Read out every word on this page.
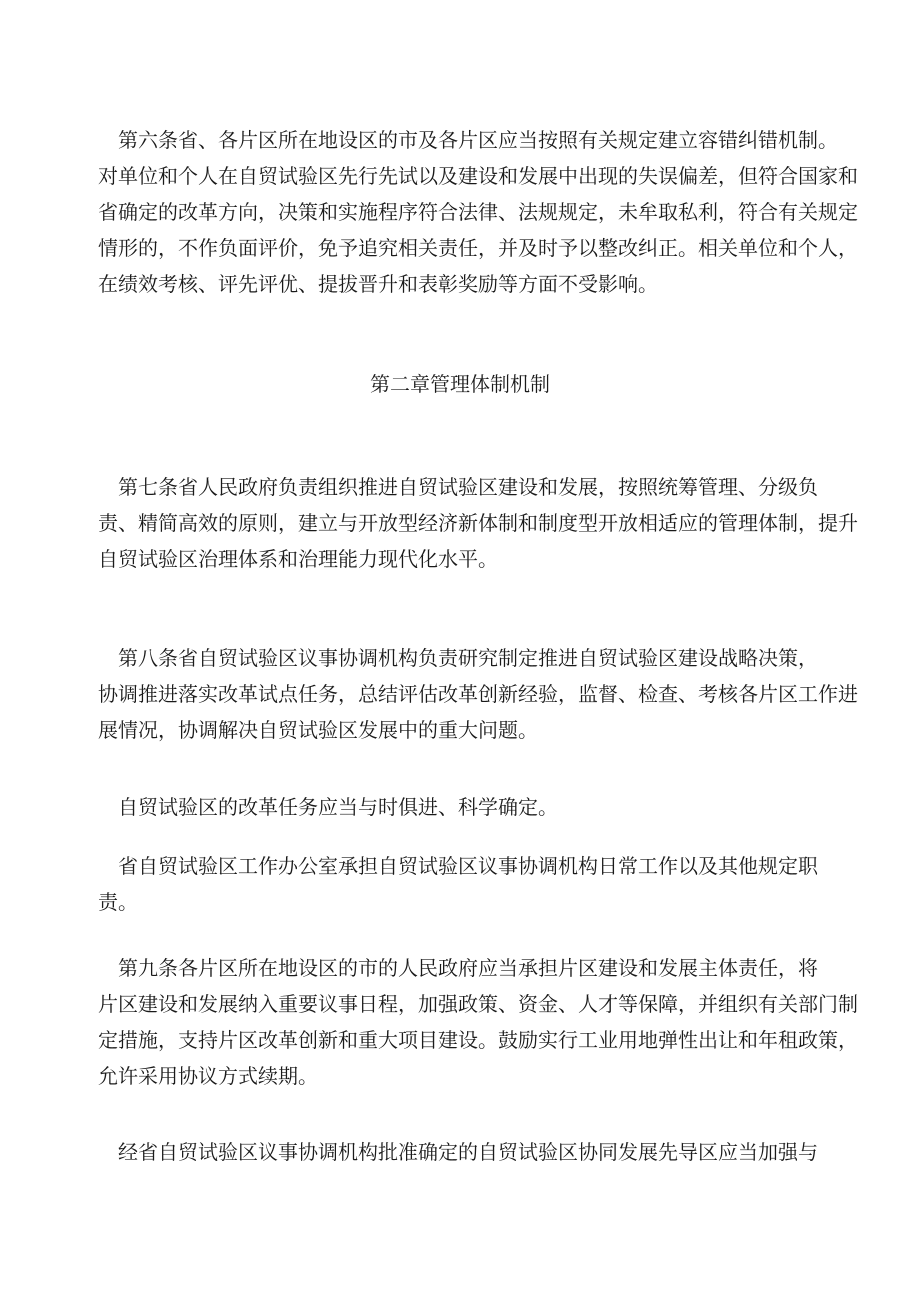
第六条省、各片区所在地设区的市及各片区应当按照有关规定建立容错纠错机制。
对单位和个人在自贸试验区先行先试以及建设和发展中出现的失误偏差，但符合国家和
省确定的改革方向，决策和实施程序符合法律、法规规定，未牟取私利，符合有关规定
情形的，不作负面评价，免予追究相关责任，并及时予以整改纠正。相关单位和个人，
在绩效考核、评先评优、提拔晋升和表彰奖励等方面不受影响。

第二章管理体制机制

第七条省人民政府负责组织推进自贸试验区建设和发展，按照统筹管理、分级负
责、精简高效的原则，建立与开放型经济新体制和制度型开放相适应的管理体制，提升
自贸试验区治理体系和治理能力现代化水平。

第八条省自贸试验区议事协调机构负责研究制定推进自贸试验区建设战略决策，
协调推进落实改革试点任务，总结评估改革创新经验，监督、检查、考核各片区工作进
展情况，协调解决自贸试验区发展中的重大问题。

自贸试验区的改革任务应当与时俱进、科学确定。

省自贸试验区工作办公室承担自贸试验区议事协调机构日常工作以及其他规定职
责。

第九条各片区所在地设区的市的人民政府应当承担片区建设和发展主体责任，将
片区建设和发展纳入重要议事日程，加强政策、资金、人才等保障，并组织有关部门制
定措施，支持片区改革创新和重大项目建设。鼓励实行工业用地弹性出让和年租政策，
允许采用协议方式续期。

经省自贸试验区议事协调机构批准确定的自贸试验区协同发展先导区应当加强与
